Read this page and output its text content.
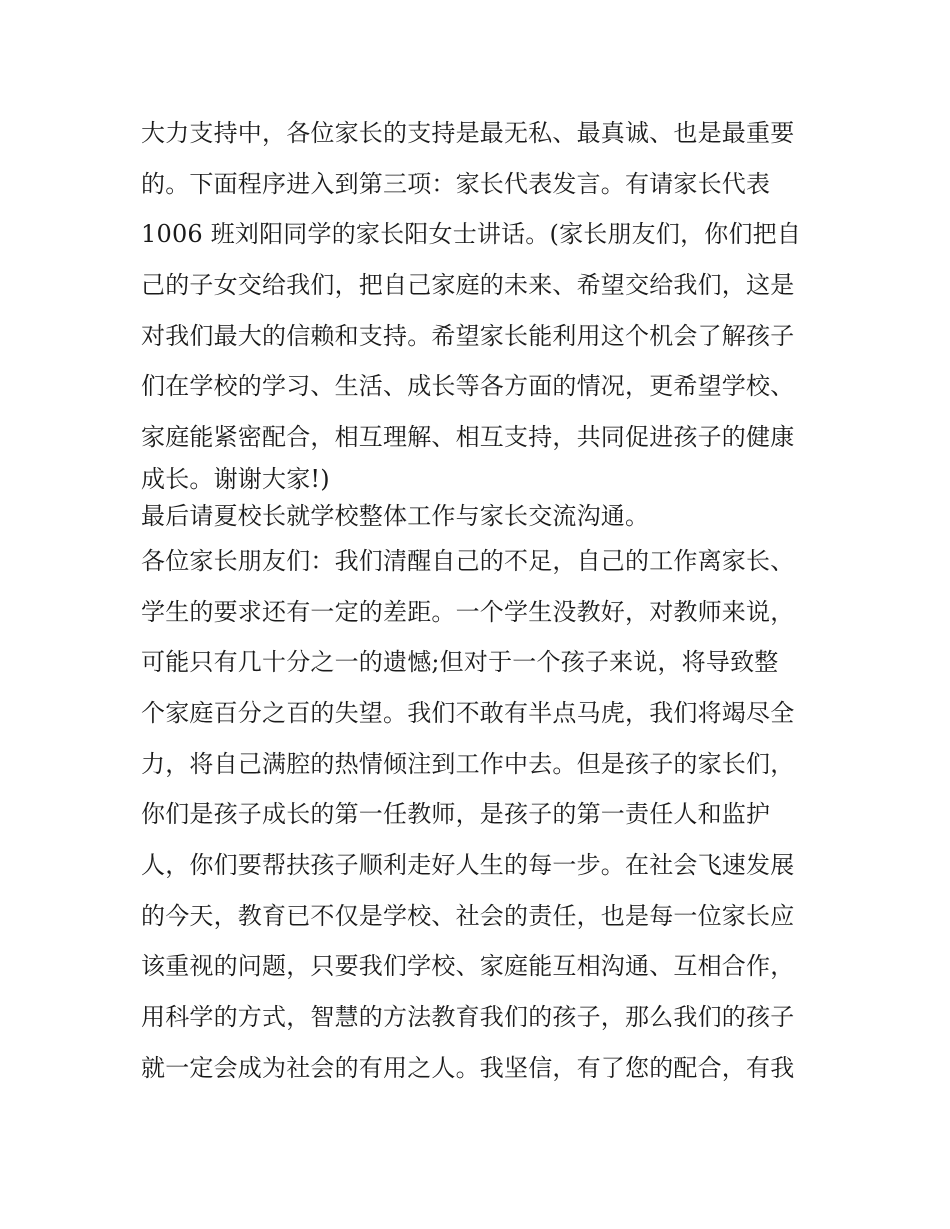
大力支持中，各位家长的支持是最无私、最真诚、也是最重要
的。下面程序进入到第三项：家长代表发言。有请家长代表
1006 班刘阳同学的家长阳女士讲话。(家长朋友们，你们把自
己的子女交给我们，把自己家庭的未来、希望交给我们，这是
对我们最大的信赖和支持。希望家长能利用这个机会了解孩子
们在学校的学习、生活、成长等各方面的情况，更希望学校、
家庭能紧密配合，相互理解、相互支持，共同促进孩子的健康
成长。谢谢大家!)
最后请夏校长就学校整体工作与家长交流沟通。
各位家长朋友们：我们清醒自己的不足，自己的工作离家长、
学生的要求还有一定的差距。一个学生没教好，对教师来说，
可能只有几十分之一的遗憾;但对于一个孩子来说，将导致整
个家庭百分之百的失望。我们不敢有半点马虎，我们将竭尽全
力，将自己满腔的热情倾注到工作中去。但是孩子的家长们，
你们是孩子成长的第一任教师，是孩子的第一责任人和监护
人，你们要帮扶孩子顺利走好人生的每一步。在社会飞速发展
的今天，教育已不仅是学校、社会的责任，也是每一位家长应
该重视的问题，只要我们学校、家庭能互相沟通、互相合作，
用科学的方式，智慧的方法教育我们的孩子，那么我们的孩子
就一定会成为社会的有用之人。我坚信，有了您的配合，有我
